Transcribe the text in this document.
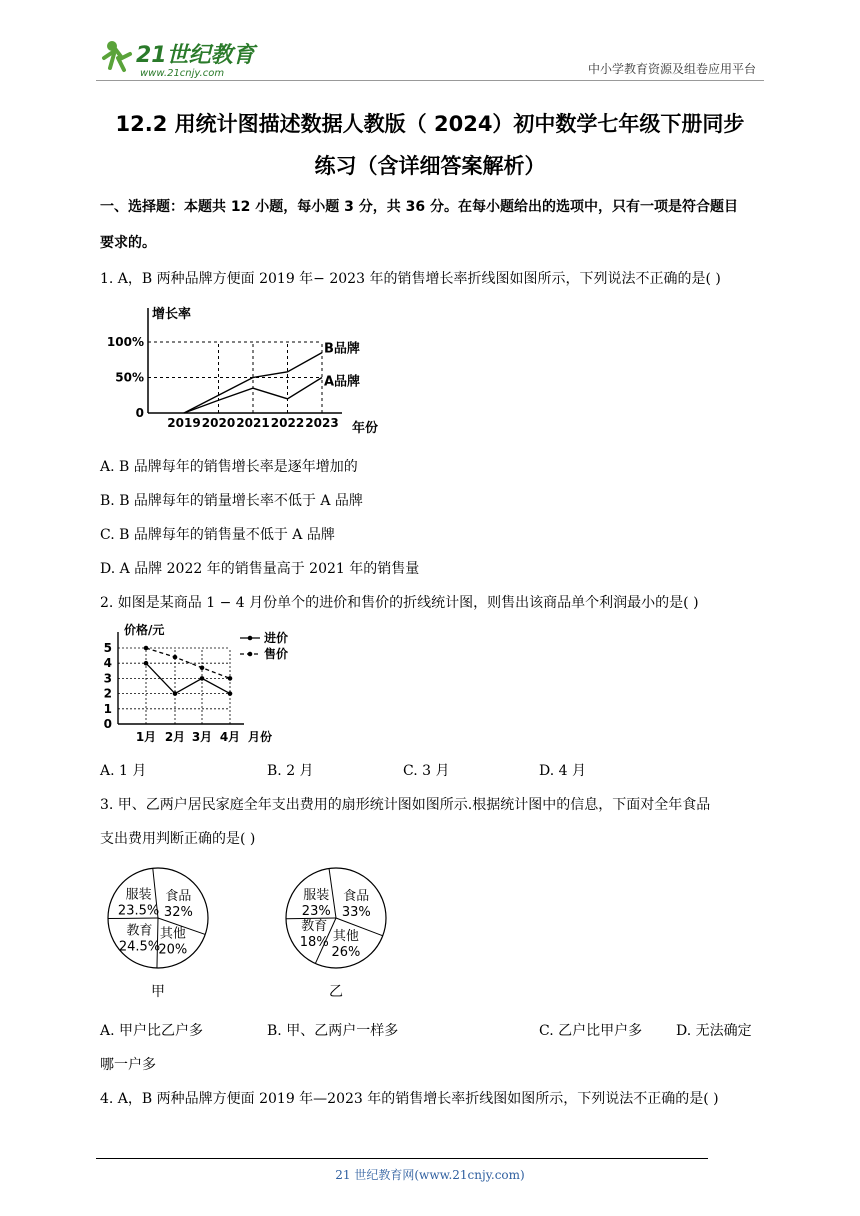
21世纪教育
www.21cnjy.com	中小学教育资源及组卷应用平台
12.2 用统计图描述数据人教版（ 2024）初中数学七年级下册同步
练习（含详细答案解析）
一、选择题：本题共 12 小题，每小题 3 分，共 36 分。在每小题给出的选项中，只有一项是符合题目
要求的。
1. A，B 两种品牌方便面 2019 年− 2023 年的销售增长率折线图如图所示，下列说法不正确的是( )
2019 2020 2021 2022 2023
0
50%
100%
增长率
年份
B品牌
A品牌
A. B 品牌每年的销售增长率是逐年增加的
B. B 品牌每年的销量增长率不低于 A 品牌
C. B 品牌每年的销售量不低于 A 品牌
D. A 品牌 2022 年的销售量高于 2021 年的销售量
2. 如图是某商品 1 − 4 月份单个的进价和售价的折线统计图，则售出该商品单个利润最小的是( )
0
1
2
3
4
5
1月 2月 3月 4月
价格/元
月份
进价
售价
A. 1 月	B. 2 月	C. 3 月	D. 4 月
3. 甲、乙两户居民家庭全年支出费用的扇形统计图如图所示.根据统计图中的信息，下面对全年食品
支出费用判断正确的是( )
食品
32%
其他
20%
教育
24.5%
服装
23.5%
甲
食品
33%
其他
26%
教育
18%
服装
23%
乙
A. 甲户比乙户多	B. 甲、乙两户一样多	C. 乙户比甲户多 D. 无法确定
哪一户多
4. A，B 两种品牌方便面 2019 年—2023 年的销售增长率折线图如图所示，下列说法不正确的是( )
21 世纪教育网(www.21cnjy.com)
